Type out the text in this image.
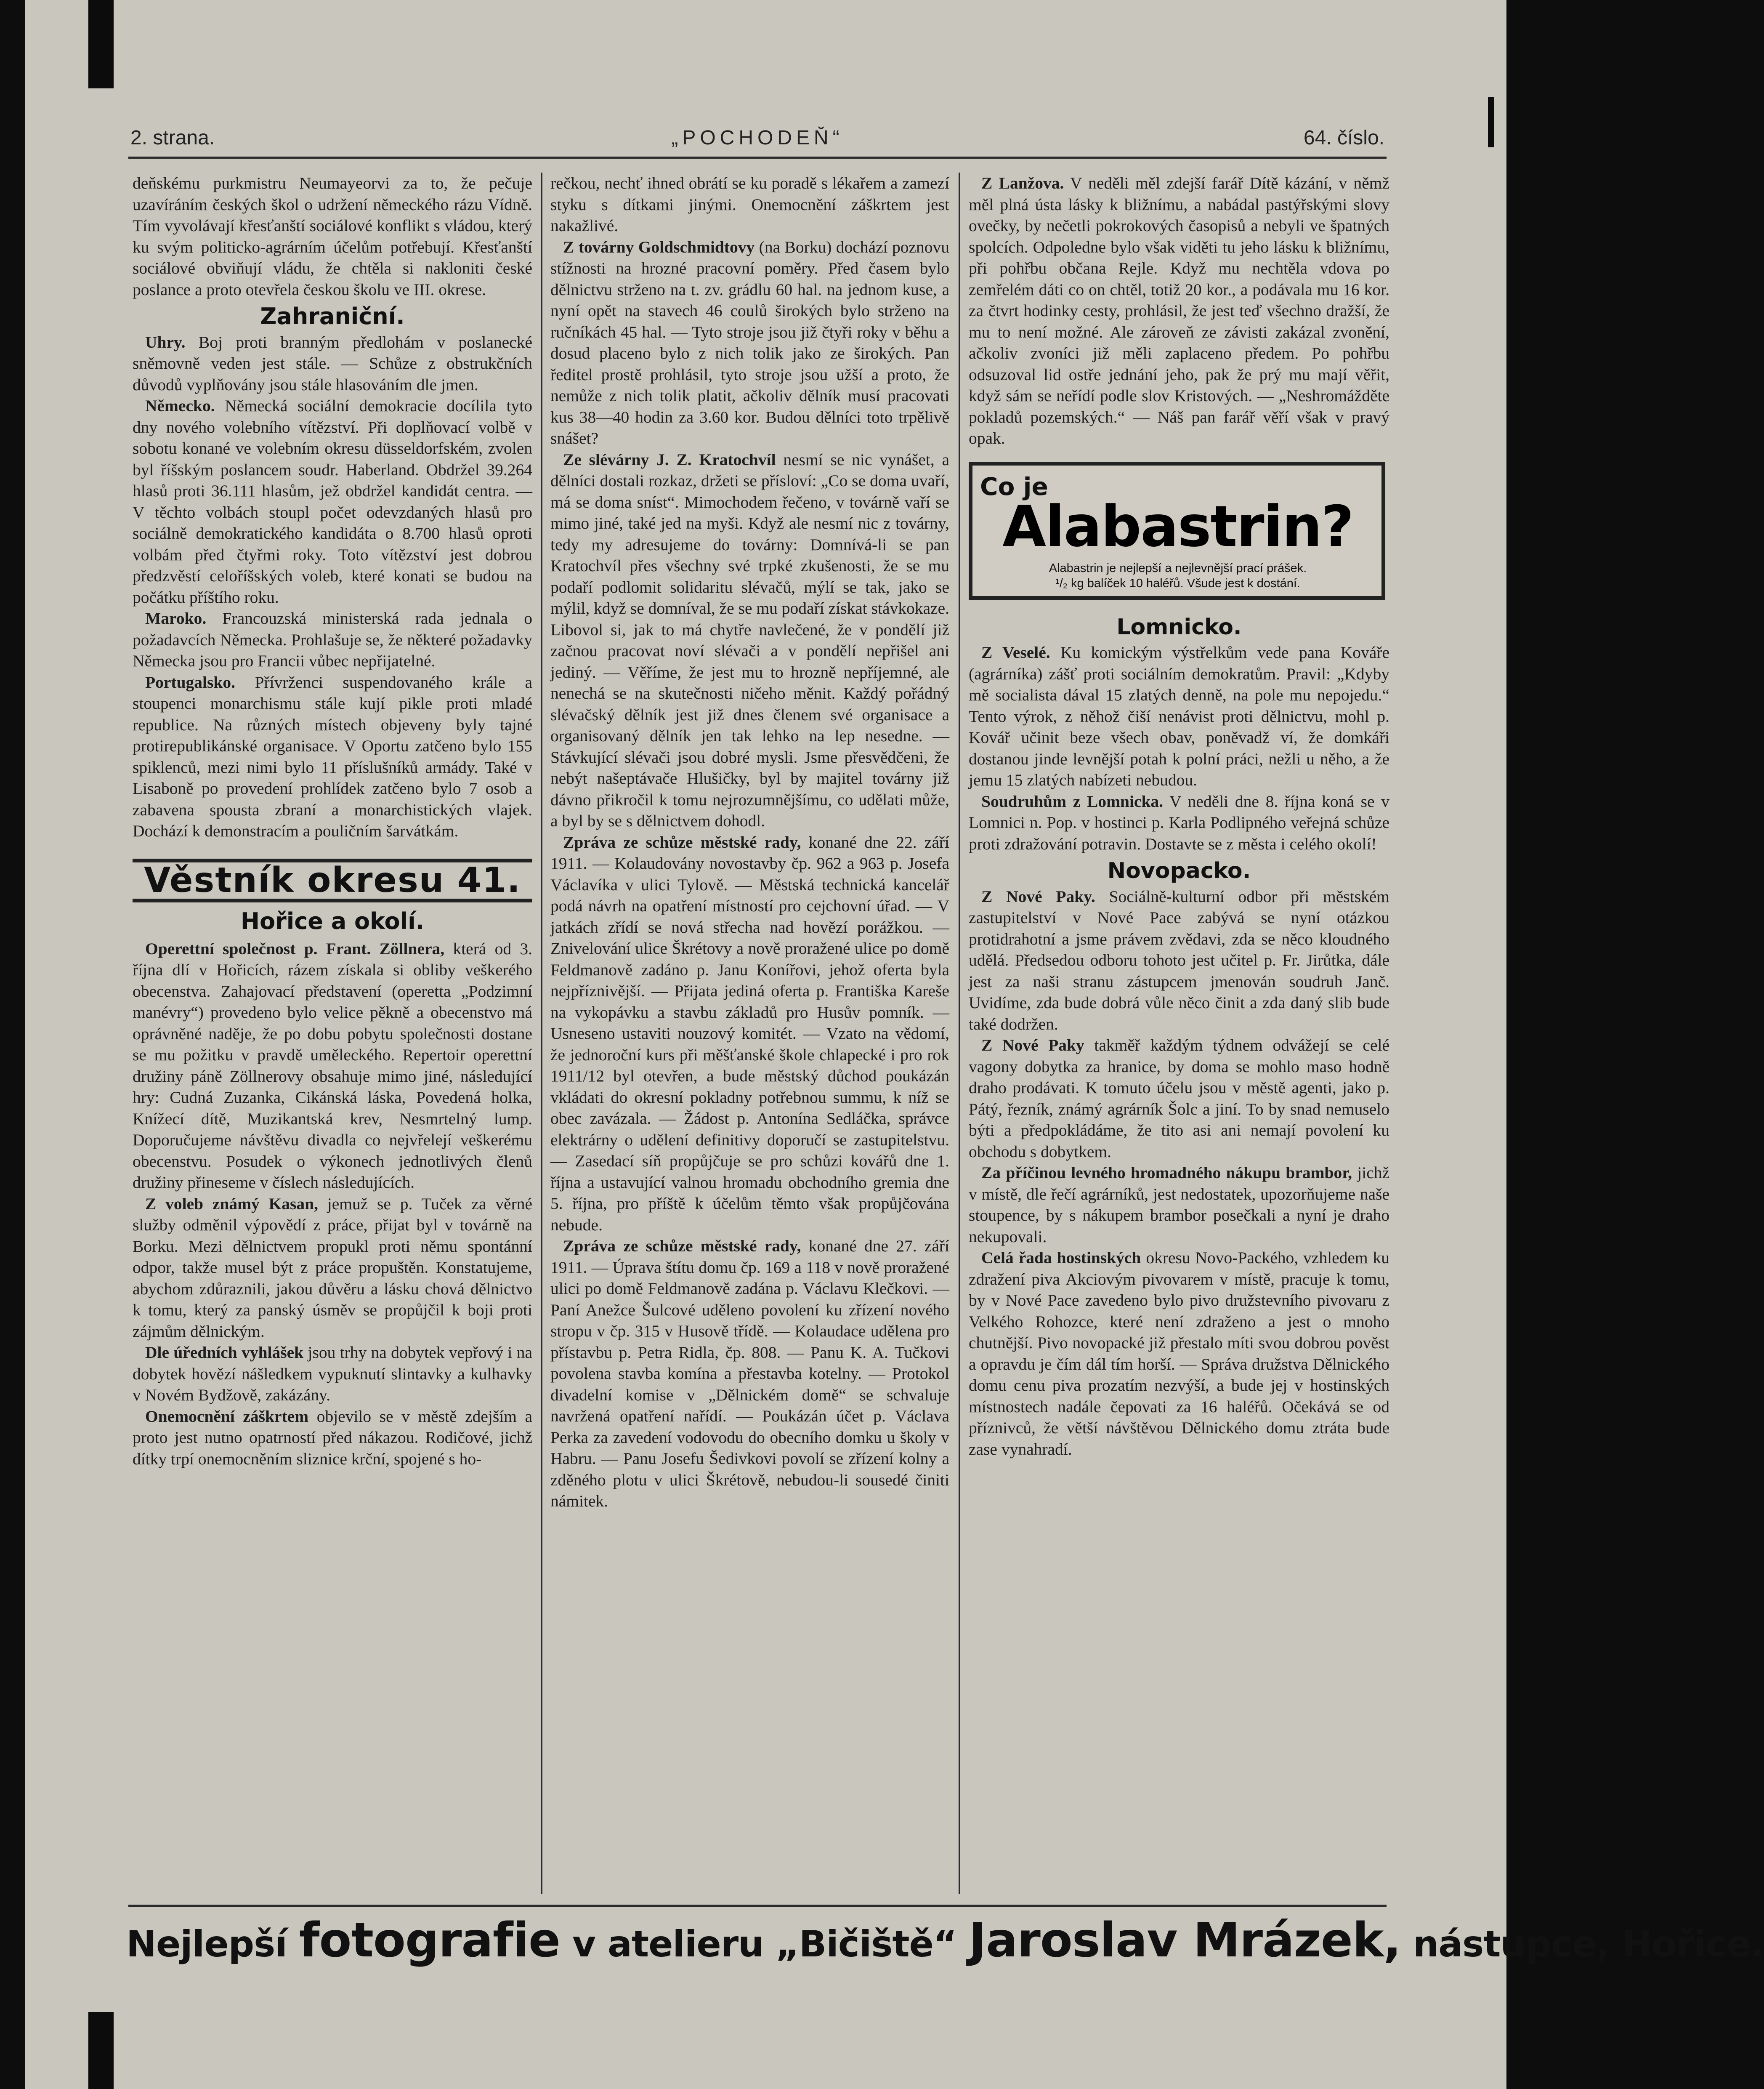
2. strana.	„POCHODEŇ“	64. číslo.

deňskému purkmistru Neumayeorvi za to, že pečuje uzavíráním českých škol o udržení německého rázu Vídně. Tím vyvolávají křesťanští sociálové konflikt s vládou, který ku svým politicko-agrárním účelům potřebují. Křesťanští sociálové obviňují vládu, že chtěla si nakloniti české poslance a proto otevřela českou školu ve III. okrese.

Zahraniční.

Uhry. Boj proti branným předlohám v poslanecké sněmovně veden jest stále. — Schůze z obstrukčních důvodů vyplňovány jsou stále hlasováním dle jmen.

Německo. Německá sociální demokracie docílila tyto dny nového volebního vítězství. Při doplňovací volbě v sobotu konané ve volebním okresu düsseldorfském, zvolen byl říšským poslancem soudr. Haberland. Obdržel 39.264 hlasů proti 36.111 hlasům, jež obdržel kandidát centra. — V těchto volbách stoupl počet odevzdaných hlasů pro sociálně demokratického kandidáta o 8.700 hlasů oproti volbám před čtyřmi roky. Toto vítězství jest dobrou předzvěstí celoříšských voleb, které konati se budou na počátku příštího roku.

Maroko. Francouzská ministerská rada jednala o požadavcích Německa. Prohlašuje se, že některé požadavky Německa jsou pro Francii vůbec nepřijatelné.

Portugalsko. Přívrženci suspendovaného krále a stoupenci monarchismu stále kují pikle proti mladé republice. Na různých místech objeveny byly tajné protirepublikánské organisace. V Oportu zatčeno bylo 155 spiklenců, mezi nimi bylo 11 příslušníků armády. Také v Lisaboně po provedení prohlídek zatčeno bylo 7 osob a zabavena spousta zbraní a monarchistických vlajek. Dochází k demonstracím a pouličním šarvátkám.

Věstník okresu 41.
Hořice a okolí.

Operettní společnost p. Frant. Zöllnera, která od 3. října dlí v Hořicích, rázem získala si obliby veškerého obecenstva. Zahajovací představení (operetta „Podzimní manévry“) provedeno bylo velice pěkně a obecenstvo má oprávněné naděje, že po dobu pobytu společnosti dostane se mu požitku v pravdě uměleckého. Repertoir operettní družiny páně Zöllnerovy obsahuje mimo jiné, následující hry: Cudná Zuzanka, Cikánská láska, Povedená holka, Knížecí dítě, Muzikantská krev, Nesmrtelný lump. Doporučujeme návštěvu divadla co nejvřelejí veškerému obecenstvu. Posudek o výkonech jednotlivých členů družiny přineseme v číslech následujících.

Z voleb známý Kasan, jemuž se p. Tuček za věrné služby odměnil výpovědí z práce, přijat byl v továrně na Borku. Mezi dělnictvem propukl proti němu spontánní odpor, takže musel být z práce propuštěn. Konstatujeme, abychom zdůraznili, jakou důvěru a lásku chová dělnictvo k tomu, který za panský úsměv se propůjčil k boji proti zájmům dělnickým.

Dle úředních vyhlášek jsou trhy na dobytek vepřový i na dobytek hovězí nášledkem vypuknutí slintavky a kulhavky v Novém Bydžově, zakázány.

Onemocnění záškrtem objevilo se v městě zdejším a proto jest nutno opatrností před nákazou. Rodičové, jichž dítky trpí onemocněním sliznice krční, spojené s ho-

rečkou, nechť ihned obrátí se ku poradě s lékařem a zamezí styku s dítkami jinými. Onemocnění záškrtem jest nakažlivé.

Z továrny Goldschmidtovy (na Borku) dochází poznovu stížnosti na hrozné pracovní poměry. Před časem bylo dělnictvu strženo na t. zv. grádlu 60 hal. na jednom kuse, a nyní opět na stavech 46 coulů širokých bylo strženo na ručníkách 45 hal. — Tyto stroje jsou již čtyři roky v běhu a dosud placeno bylo z nich tolik jako ze širokých. Pan ředitel prostě prohlásil, tyto stroje jsou užší a proto, že nemůže z nich tolik platit, ačkoliv dělník musí pracovati kus 38—40 hodin za 3.60 kor. Budou dělníci toto trpělivě snášet?

Ze slévárny J. Z. Kratochvíl nesmí se nic vynášet, a dělníci dostali rozkaz, držeti se přísloví: „Co se doma uvaří, má se doma sníst“. Mimochodem řečeno, v továrně vaří se mimo jiné, také jed na myši. Když ale nesmí nic z továrny, tedy my adresujeme do továrny: Domnívá-li se pan Kratochvíl přes všechny své trpké zkušenosti, že se mu podaří podlomit solidaritu slévačů, mýlí se tak, jako se mýlil, když se domníval, že se mu podaří získat stávkokaze. Libovol si, jak to má chytře navlečené, že v pondělí již začnou pracovat noví slévači a v pondělí nepřišel ani jediný. — Věříme, že jest mu to hrozně nepříjemné, ale nenechá se na skutečnosti ničeho měnit. Každý pořádný slévačský dělník jest již dnes členem své organisace a organisovaný dělník jen tak lehko na lep nesedne. — Stávkující slévači jsou dobré mysli. Jsme přesvědčeni, že nebýt našeptávače Hlušičky, byl by majitel továrny již dávno přikročil k tomu nejrozumnějšímu, co udělati může, a byl by se s dělnictvem dohodl.

Zpráva ze schůze městské rady, konané dne 22. září 1911. — Kolaudovány novostavby čp. 962 a 963 p. Josefa Václavíka v ulici Tylově. — Městská technická kancelář podá návrh na opatření místností pro cejchovní úřad. — V jatkách zřídí se nová střecha nad hovězí porážkou. — Znivelování ulice Škrétovy a nově proražené ulice po domě Feldmanově zadáno p. Janu Konířovi, jehož oferta byla nejpříznivější. — Přijata jediná oferta p. Františka Kareše na vykopávku a stavbu základů pro Husův pomník. — Usneseno ustaviti nouzový komitét. — Vzato na vědomí, že jednoroční kurs při měšťanské škole chlapecké i pro rok 1911/12 byl otevřen, a bude městský důchod poukázán vkládati do okresní pokladny potřebnou summu, k níž se obec zavázala. — Žádost p. Antonína Sedláčka, správce elektrárny o udělení definitivy doporučí se zastupitelstvu. — Zasedací síň propůjčuje se pro schůzi kovářů dne 1. října a ustavující valnou hromadu obchodního gremia dne 5. října, pro příště k účelům těmto však propůjčována nebude.

Zpráva ze schůze městské rady, konané dne 27. září 1911. — Úprava štítu domu čp. 169 a 118 v nově proražené ulici po domě Feldmanově zadána p. Václavu Klečkovi. — Paní Anežce Šulcové uděleno povolení ku zřízení nového stropu v čp. 315 v Husově třídě. — Kolaudace udělena pro přístavbu p. Petra Ridla, čp. 808. — Panu K. A. Tučkovi povolena stavba komína a přestavba kotelny. — Protokol divadelní komise v „Dělnickém domě“ se schvaluje navržená opatření nařídí. — Poukázán účet p. Václava Perka za zavedení vodovodu do obecního domku u školy v Habru. — Panu Josefu Šedivkovi povolí se zřízení kolny a zděného plotu v ulici Škrétově, nebudou-li sousedé činiti námitek.

Z Lanžova. V neděli měl zdejší farář Dítě kázání, v němž měl plná ústa lásky k bližnímu, a nabádal pastýřskými slovy ovečky, by nečetli pokrokových časopisů a nebyli ve špatných spolcích. Odpoledne bylo však viděti tu jeho lásku k bližnímu, při pohřbu občana Rejle. Když mu nechtěla vdova po zemřelém dáti co on chtěl, totiž 20 kor., a podávala mu 16 kor. za čtvrt hodinky cesty, prohlásil, že jest teď všechno dražší, že mu to není možné. Ale zároveň ze závisti zakázal zvonění, ačkoliv zvoníci již měli zaplaceno předem. Po pohřbu odsuzoval lid ostře jednání jeho, pak že prý mu mají věřit, když sám se neřídí podle slov Kristových. — „Neshromážděte pokladů pozemských.“ — Náš pan farář věří však v pravý opak.

Co je
Alabastrin?
Alabastrin je nejlepší a nejlevnější prací prášek.
¹/₂ kg balíček 10 haléřů. Všude jest k dostání.
Lomnicko.

Z Veselé. Ku komickým výstřelkům vede pana Kováře (agrárníka) zášť proti sociálním demokratům. Pravil: „Kdyby mě socialista dával 15 zlatých denně, na pole mu nepojedu.“ Tento výrok, z něhož čiší nenávist proti dělnictvu, mohl p. Kovář učinit beze všech obav, poněvadž ví, že domkáři dostanou jinde levnější potah k polní práci, nežli u něho, a že jemu 15 zlatých nabízeti nebudou.

Soudruhům z Lomnicka. V neděli dne 8. října koná se v Lomnici n. Pop. v hostinci p. Karla Podlipného veřejná schůze proti zdražování potravin. Dostavte se z města i celého okolí!

Novopacko.

Z Nové Paky. Sociálně-kulturní odbor při městském zastupitelství v Nové Pace zabývá se nyní otázkou protidrahotní a jsme právem zvědavi, zda se něco kloudného udělá. Předsedou odboru tohoto jest učitel p. Fr. Jirůtka, dále jest za naši stranu zástupcem jmenován soudruh Janč. Uvidíme, zda bude dobrá vůle něco činit a zda daný slib bude také dodržen.

Z Nové Paky takměř každým týdnem odvážejí se celé vagony dobytka za hranice, by doma se mohlo maso hodně draho prodávati. K tomuto účelu jsou v městě agenti, jako p. Pátý, řezník, známý agrárník Šolc a jiní. To by snad nemuselo býti a předpokládáme, že tito asi ani nemají povolení ku obchodu s dobytkem.

Za příčinou levného hromadného nákupu brambor, jichž v místě, dle řečí agrárníků, jest nedostatek, upozorňujeme naše stoupence, by s nákupem brambor posečkali a nyní je draho nekupovali.

Celá řada hostinských okresu Novo-Packého, vzhledem ku zdražení piva Akciovým pivovarem v místě, pracuje k tomu, by v Nové Pace zavedeno bylo pivo družstevního pivovaru z Velkého Rohozce, které není zdraženo a jest o mnoho chutnější. Pivo novopacké již přestalo míti svou dobrou pověst a opravdu je čím dál tím horší. — Správa družstva Dělnického domu cenu piva prozatím nezvýší, a bude jej v hostinských místnostech nadále čepovati za 16 haléřů. Očekává se od příznivců, že větší návštěvou Dělnického domu ztráta bude zase vynahradí.

Nejlepší fotografie v atelieru „Bičiště“ Jaroslav Mrázek, nástupce, Hořice.
